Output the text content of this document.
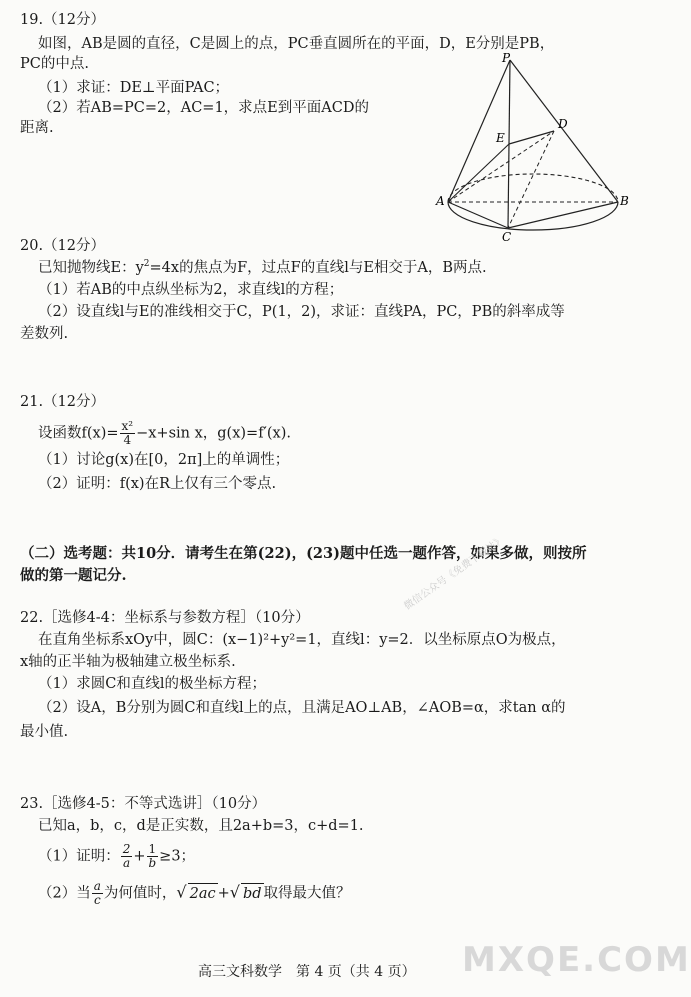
19.（12分）
如图，AB是圆的直径，C是圆上的点，PC垂直圆所在的平面，D，E分别是PB，
PC的中点.
（1）求证：DE⊥平面PAC；
（2）若AB=PC=2，AC=1，求点E到平面ACD的
距离.
P
D
E
A	B
C
20.（12分）
已知抛物线E：$y^2=4x$的焦点为F，过点F的直线l与E相交于A，B两点.
（1）若AB的中点纵坐标为2，求直线l的方程；
（2）设直线l与E的准线相交于C，P(1，2)，求证：直线PA，PC，PB的斜率成等
差数列.
21.（12分）
设函数$f(x)= \frac{\text{x²}}{4} -x+\sin$ x，g(x)=f′(x).
（1）讨论g(x)在[0，2π]上的单调性；
（2）证明：f(x)在R上仅有三个零点.
（二）选考题：共10分．请考生在第(22)，(23)题中任选一题作答，如果多做，则按所
做的第一题记分.
22.［选修4-4：坐标系与参数方程］（10分）
在直角坐标系xOy中，圆C：(x−1)²+y²=1，直线l：y=2．以坐标原点O为极点，
x轴的正半轴为极轴建立极坐标系.
（1）求圆C和直线l的极坐标方程；
（2）设A，B分别为圆C和直线l上的点，且满足AO⊥AB，∠AOB=α，求tan α的
最小值.
23.［选修4-5：不等式选讲］（10分）
已知a，b，c，d是正实数，且2a+b=3，c+d=1.
（1）证明： $\frac{2}{a} + \frac{1}{b} \ge 3$；
（2）当 $\frac{a}{c}$ 为何值时，√ 2ac +√ bd 取得最大值？
高三文科数学　第 4 页（共 4 页）
微信公众号《免费下载站》
MXQE.COM
